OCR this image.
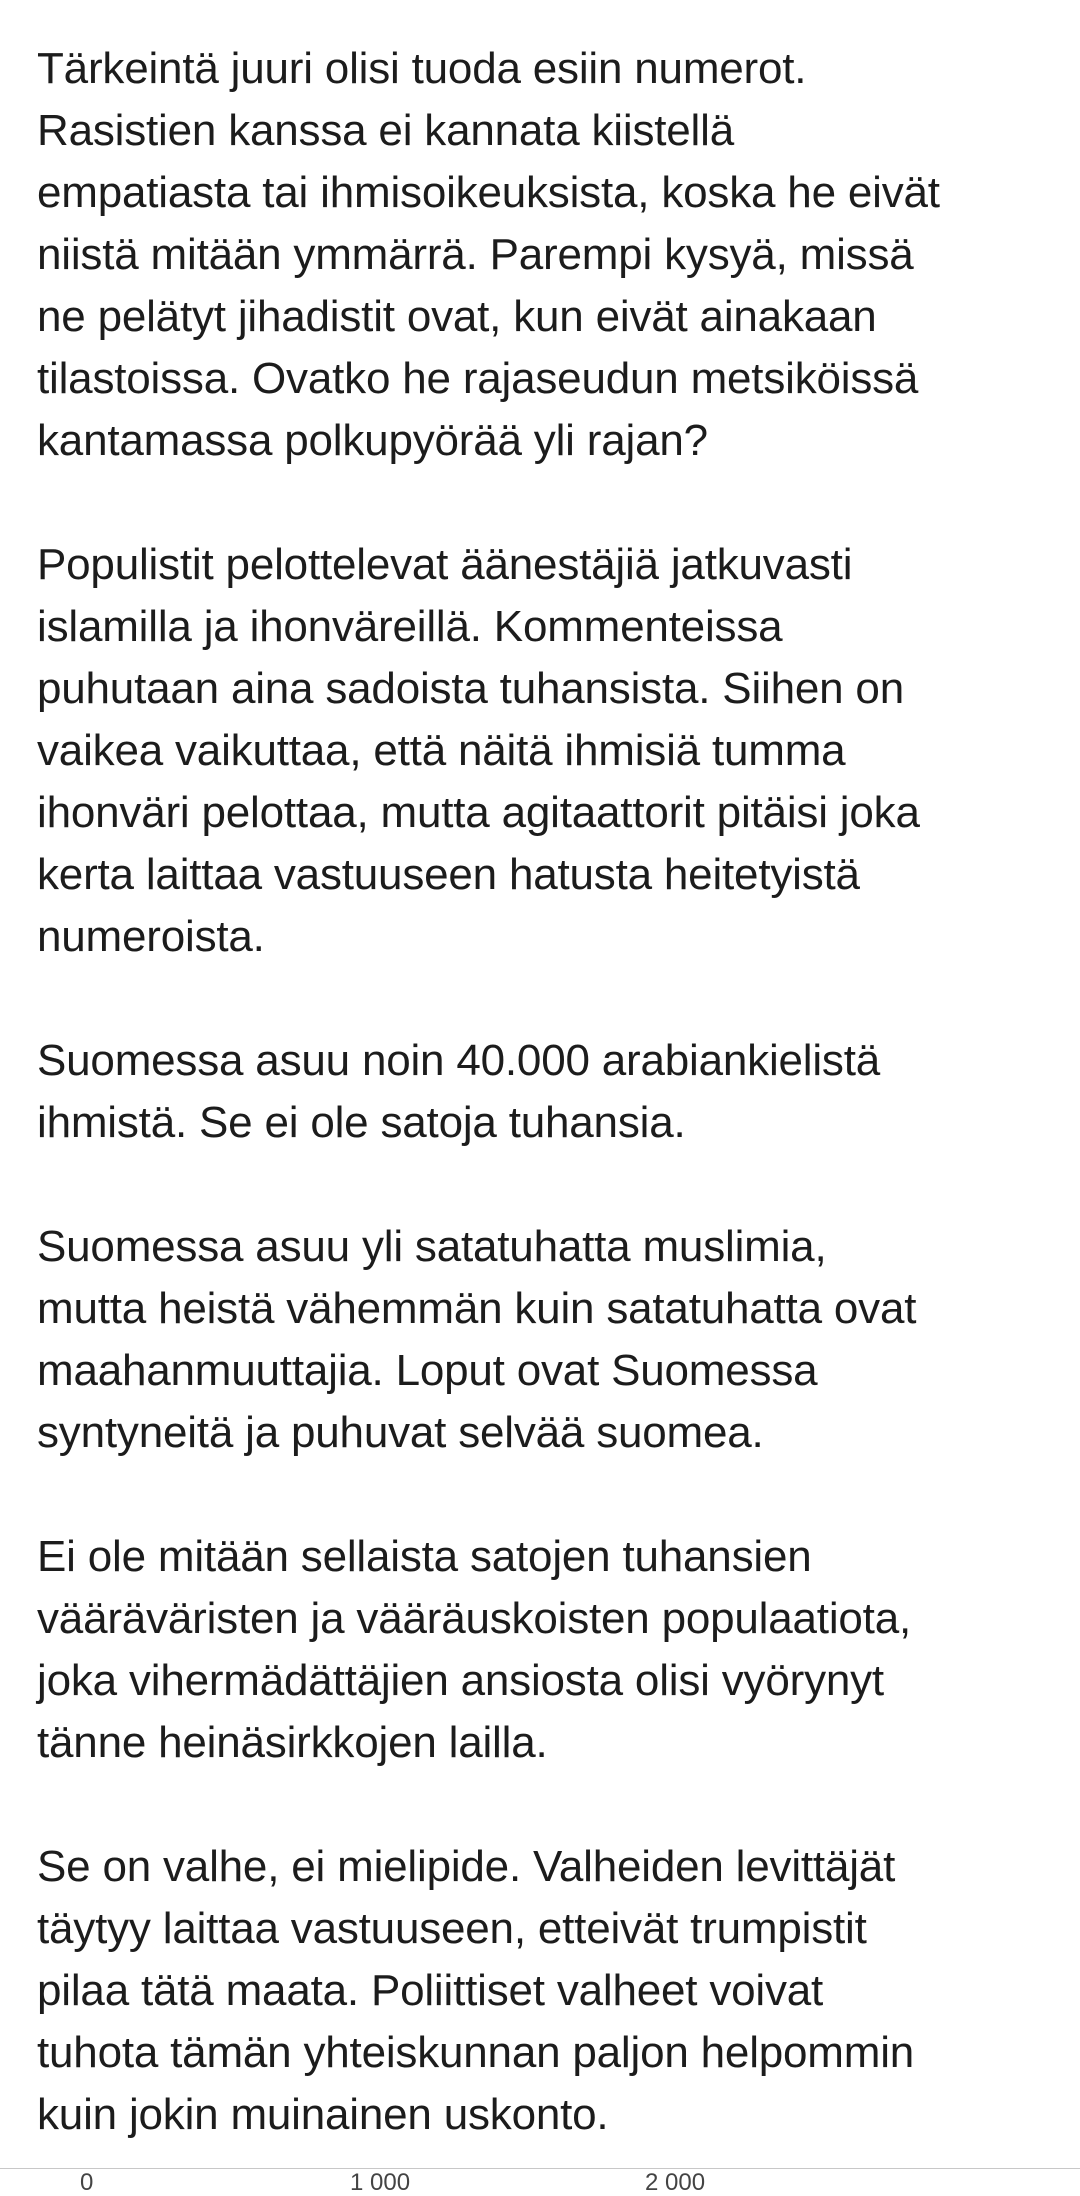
Tärkeintä juuri olisi tuoda esiin numerot.
Rasistien kanssa ei kannata kiistellä
empatiasta tai ihmisoikeuksista, koska he eivät
niistä mitään ymmärrä. Parempi kysyä, missä
ne pelätyt jihadistit ovat, kun eivät ainakaan
tilastoissa. Ovatko he rajaseudun metsiköissä
kantamassa polkupyörää yli rajan?

Populistit pelottelevat äänestäjiä jatkuvasti
islamilla ja ihonväreillä. Kommenteissa
puhutaan aina sadoista tuhansista. Siihen on
vaikea vaikuttaa, että näitä ihmisiä tumma
ihonväri pelottaa, mutta agitaattorit pitäisi joka
kerta laittaa vastuuseen hatusta heitetyistä
numeroista.

Suomessa asuu noin 40.000 arabiankielistä
ihmistä. Se ei ole satoja tuhansia.

Suomessa asuu yli satatuhatta muslimia,
mutta heistä vähemmän kuin satatuhatta ovat
maahanmuuttajia. Loput ovat Suomessa
syntyneitä ja puhuvat selvää suomea.

Ei ole mitään sellaista satojen tuhansien
vääräväristen ja vääräuskoisten populaatiota,
joka vihermädättäjien ansiosta olisi vyörynyt
tänne heinäsirkkojen lailla.

Se on valhe, ei mielipide. Valheiden levittäjät
täytyy laittaa vastuuseen, etteivät trumpistit
pilaa tätä maata. Poliittiset valheet voivat
tuhota tämän yhteiskunnan paljon helpommin
kuin jokin muinainen uskonto.

0	1 000	2 000
